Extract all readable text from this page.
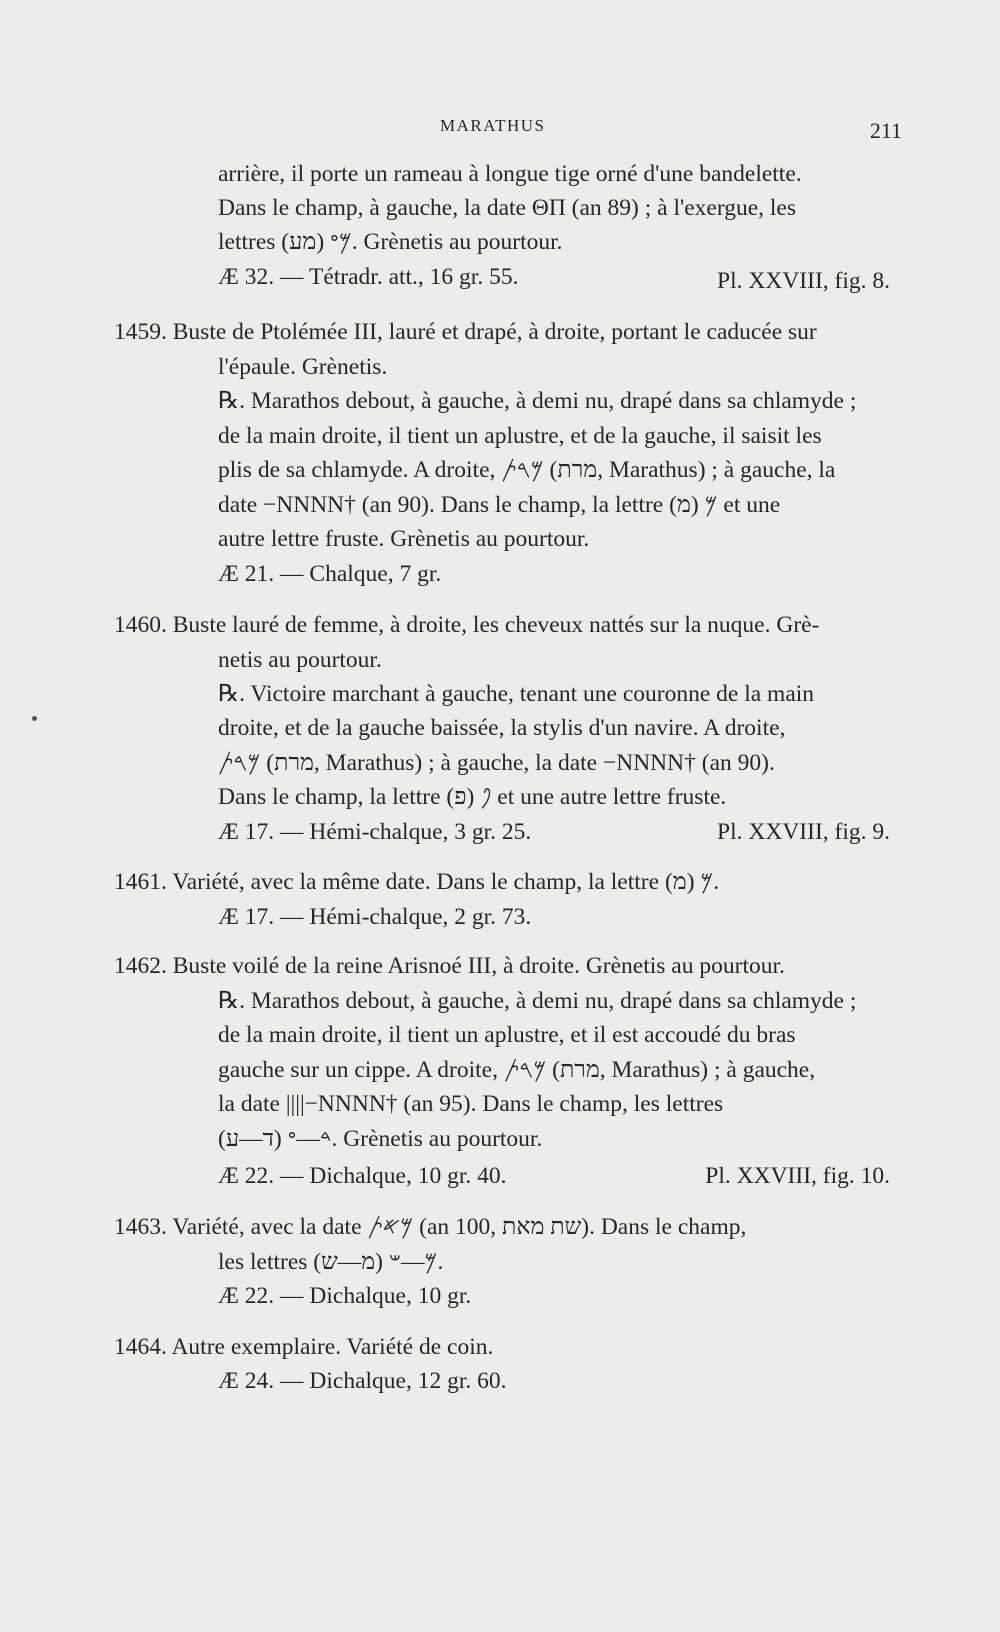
MARATHUS	211
arrière, il porte un rameau à longue tige orné d'une bandelette.
Dans le champ, à gauche, la date ΘΠ (an 89) ; à l'exergue, les
lettres 𐤌𐤏 (מע). Grènetis au pourtour.
Æ 32. — Tétradr. att., 16 gr. 55.	Pl. XXVIII, fig. 8.
1459. Buste de Ptolémée III, lauré et drapé, à droite, portant le caducée sur
l'épaule. Grènetis.
℞. Marathos debout, à gauche, à demi nu, drapé dans sa chlamyde ;
de la main droite, il tient un aplustre, et de la gauche, il saisit les
plis de sa chlamyde. A droite, 𐤌𐤓𐤕 (מרת, Marathus) ; à gauche, la
date −ΝΝΝΝ† (an 90). Dans le champ, la lettre 𐤌 (מ) et une
autre lettre fruste. Grènetis au pourtour.
Æ 21. — Chalque, 7 gr.
1460. Buste lauré de femme, à droite, les cheveux nattés sur la nuque. Grè-
netis au pourtour.
℞. Victoire marchant à gauche, tenant une couronne de la main
droite, et de la gauche baissée, la stylis d'un navire. A droite,
𐤌𐤓𐤕 (מרת, Marathus) ; à gauche, la date −ΝΝΝΝ† (an 90).
Dans le champ, la lettre 𐤐 (פ) et une autre lettre fruste.
Æ 17. — Hémi-chalque, 3 gr. 25.	Pl. XXVIII, fig. 9.
1461. Variété, avec la même date. Dans le champ, la lettre 𐤌 (מ).
Æ 17. — Hémi-chalque, 2 gr. 73.
1462. Buste voilé de la reine Arisnoé III, à droite. Grènetis au pourtour.
℞. Marathos debout, à gauche, à demi nu, drapé dans sa chlamyde ;
de la main droite, il tient un aplustre, et il est accoudé du bras
gauche sur un cippe. A droite, 𐤌𐤓𐤕 (מרת, Marathus) ; à gauche,
la date ||||−ΝΝΝΝ† (an 95). Dans le champ, les lettres
𐤃—𐤏 (ד—ע). Grènetis au pourtour.
Æ 22. — Dichalque, 10 gr. 40.	Pl. XXVIII, fig. 10.
1463. Variété, avec la date 𐤌𐤀𐤕 (an 100, שת מאת). Dans le champ,
les lettres 𐤌—𐤔 (מ—ש).
Æ 22. — Dichalque, 10 gr.
1464. Autre exemplaire. Variété de coin.
Æ 24. — Dichalque, 12 gr. 60.
